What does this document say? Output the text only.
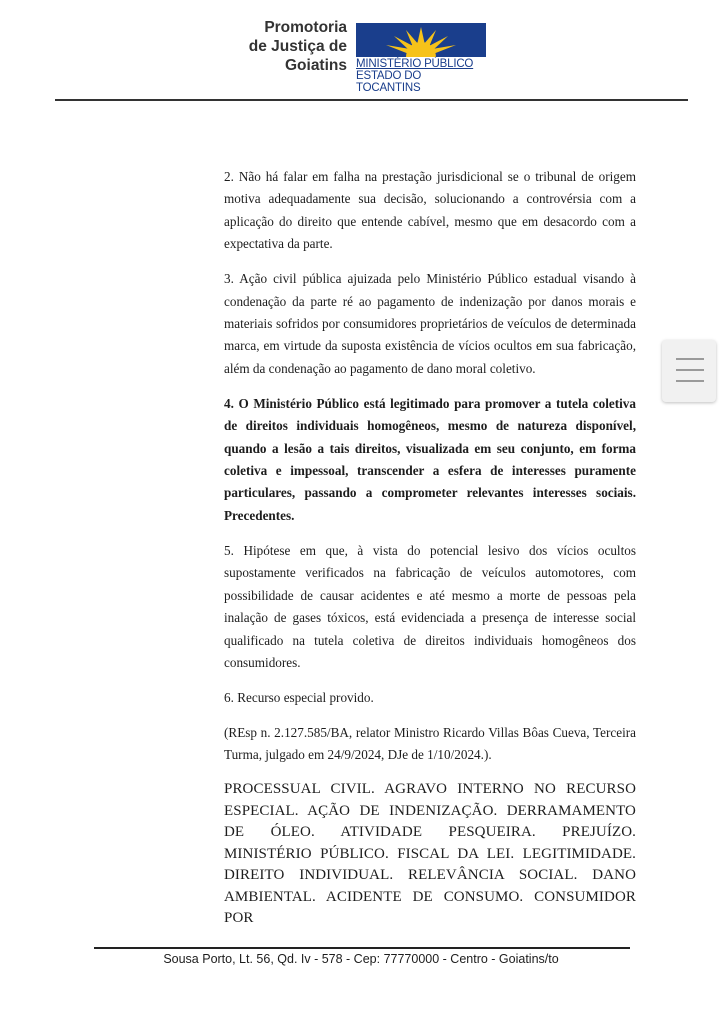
Promotoria
de Justiça de
Goiatins MINISTÉRIO PÚBLICO
ESTADO DO TOCANTINS

2. Não há falar em falha na prestação jurisdicional se o tribunal de origem motiva adequadamente sua decisão, solucionando a controvérsia com a aplicação do direito que entende cabível, mesmo que em desacordo com a expectativa da parte.

3. Ação civil pública ajuizada pelo Ministério Público estadual visando à condenação da parte ré ao pagamento de indenização por danos morais e materiais sofridos por consumidores proprietários de veículos de determinada marca, em virtude da suposta existência de vícios ocultos em sua fabricação, além da condenação ao pagamento de dano moral coletivo.

4. O Ministério Público está legitimado para promover a tutela coletiva de direitos individuais homogêneos, mesmo de natureza disponível, quando a lesão a tais direitos, visualizada em seu conjunto, em forma coletiva e impessoal, transcender a esfera de interesses puramente particulares, passando a comprometer relevantes interesses sociais. Precedentes.

5. Hipótese em que, à vista do potencial lesivo dos vícios ocultos supostamente verificados na fabricação de veículos automotores, com possibilidade de causar acidentes e até mesmo a morte de pessoas pela inalação de gases tóxicos, está evidenciada a presença de interesse social qualificado na tutela coletiva de direitos individuais homogêneos dos consumidores.

6. Recurso especial provido.

(REsp n. 2.127.585/BA, relator Ministro Ricardo Villas Bôas Cueva, Terceira Turma, julgado em 24/9/2024, DJe de 1/10/2024.).

PROCESSUAL CIVIL. AGRAVO INTERNO NO RECURSO ESPECIAL. AÇÃO DE INDENIZAÇÃO. DERRAMAMENTO DE ÓLEO. ATIVIDADE PESQUEIRA. PREJUÍZO. MINISTÉRIO PÚBLICO. FISCAL DA LEI. LEGITIMIDADE. DIREITO INDIVIDUAL. RELEVÂNCIA SOCIAL. DANO AMBIENTAL. ACIDENTE DE CONSUMO. CONSUMIDOR POR

Sousa Porto, Lt. 56, Qd. Iv - 578 - Cep: 77770000 - Centro - Goiatins/to
